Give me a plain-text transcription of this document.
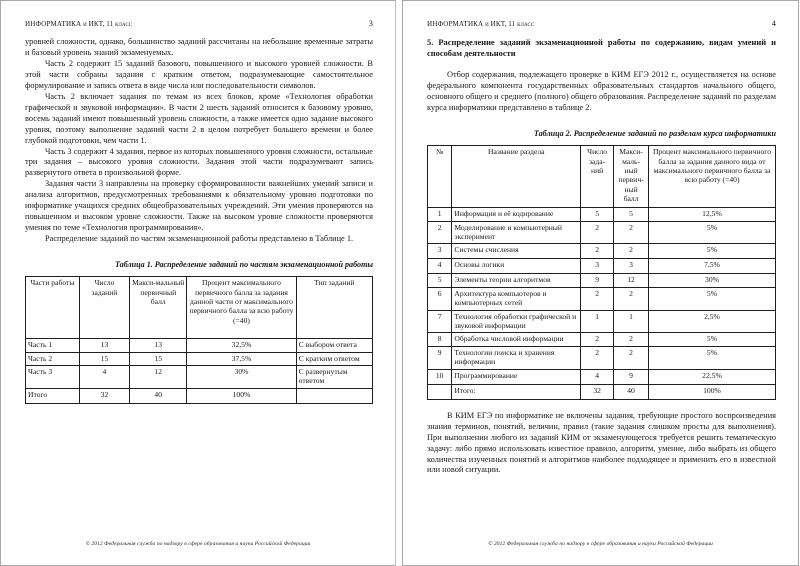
ИНФОРМАТИКА и ИКТ, 11 класс	3

уровней сложности, однако, большинство заданий рассчитаны на небольшие временные затраты и базовый уровень знаний экзаменуемых.

Часть 2 содержит 15 заданий базового, повышенного и высокого уровней сложности. В этой части собраны задания с кратким ответом, подразумевающие самостоятельное формулирование и запись ответа в виде числа или последовательности символов.

Часть 2 включает задания по темам из всех блоков, кроме «Технология обработки графической и звуковой информации». В части 2 шесть заданий относится к базовому уровню, восемь заданий имеют повышенный уровень сложности, а также имеется одно задание высокого уровня, поэтому выполнение заданий части 2 в целом потребует большего времени и более глубокой подготовки, чем части 1.

Часть 3 содержит 4 задания, первое из которых повышенного уровня сложности, остальные три задания – высокого уровня сложности. Задания этой части подразумевают запись развернутого ответа в произвольной форме.

Задания части 3 направлены на проверку сформированности важнейших умений записи и анализа алгоритмов, предусмотренных требованиями к обязательному уровню подготовки по информатике учащихся средних общеобразовательных учреждений. Эти умения проверяются на повышенном и высоком уровне сложности. Также на высоком уровне сложности проверяются умения по теме «Технология программирования».

Распределение заданий по частям экзаменационной работы представлено в Таблице 1.

Таблица 1. Распределение заданий по частям экзаменационной работы
Части работы	Число заданий	Макси-мальный первичный балл	Процент максимального первичного балла за задания данной части от максимального первичного балла за всю работу (=40)	Тип заданий
Часть 1	13	13	32,5%	С выбором ответа
Часть 2	15	15	37,5%	С кратким ответом
Часть 3	4	12	30%	С развернутым ответом
Итого	32	40	100%	
© 2012 Федеральная служба по надзору в сфере образования и науки Российской Федерации
ИНФОРМАТИКА и ИКТ, 11 класс	4
5. Распределение заданий экзаменационной работы по содержанию, видам умений и способам деятельности

Отбор содержания, подлежащего проверке в КИМ ЕГЭ 2012 г., осуществляется на основе федерального компонента государственных образовательных стандартов начального общего, основного общего и среднего (полного) общего образования. Распределение заданий по разделам курса информатики представлено в таблице 2.

Таблица 2. Распределение заданий по разделам курса информатики
№	Название раздела	Число зада-ний	Макси-маль-ный первич-ный балл	Процент максимального первичного балла за задания данного вида от максимального первичного балла за всю работу (=40)
1	Информация и её кодирование	5	5	12,5%
2	Моделирование и компьютерный эксперимент	2	2	5%
3	Системы счисления	2	2	5%
4	Основы логики	3	3	7,5%
5	Элементы теории алгоритмов	9	12	30%
6	Архитектура компьютеров и компьютерных сетей	2	2	5%
7	Технология обработки графической и звуковой информации	1	1	2,5%
8	Обработка числовой информации	2	2	5%
9	Технологии поиска и хранения информации	2	2	5%
10	Программирование	4	9	22,5%
	Итого:	32	40	100%

В КИМ ЕГЭ по информатике не включены задания, требующие простого воспроизведения знания терминов, понятий, величин, правил (такие задания слишком просты для выполнения). При выполнении любого из заданий КИМ от экзаменующегося требуется решить тематическую задачу: либо прямо использовать известное правило, алгоритм, умение, либо выбрать из общего количества изученных понятий и алгоритмов наиболее подходящее и применить его в известной или новой ситуации.

© 2012 Федеральная служба по надзору в сфере образования и науки Российской Федерации
